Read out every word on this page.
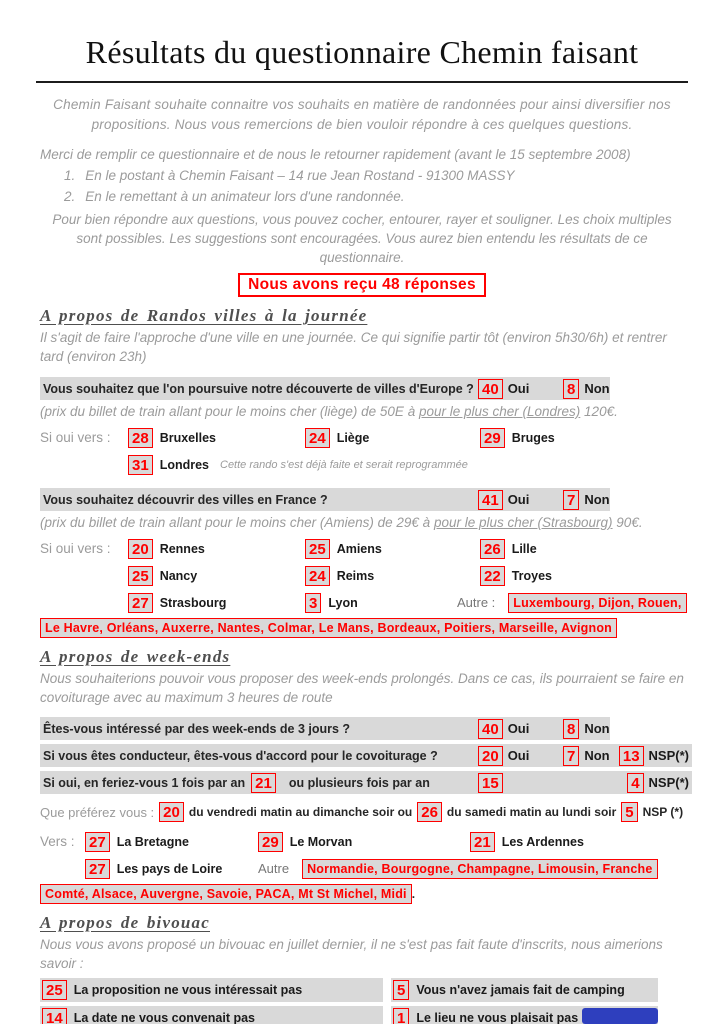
Résultats du questionnaire Chemin faisant

Chemin Faisant souhaite connaitre vos souhaits en matière de randonnées pour ainsi diversifier nos propositions. Nous vous remercions de bien vouloir répondre à ces quelques questions.

Merci de remplir ce questionnaire et de nous le retourner rapidement (avant le 15 septembre 2008)

1. En le postant à Chemin Faisant – 14 rue Jean Rostand - 91300 MASSY
2. En le remettant à un animateur lors d'une randonnée.

Pour bien répondre aux questions, vous pouvez cocher, entourer, rayer et souligner. Les choix multiples sont possibles. Les suggestions sont encouragées. Vous aurez bien entendu les résultats de ce questionnaire.

Nous avons reçu 48 réponses
A propos de Randos villes à la journée

Il s'agit de faire l'approche d'une ville en une journée. Ce qui signifie partir tôt (environ 5h30/6h) et rentrer tard (environ 23h)

Vous souhaitez que l'on poursuive notre découverte de villes d'Europe ? 40 Oui	8 Non

(prix du billet de train allant pour le moins cher (liège) de 50E à pour le plus cher (Londres) 120€.

Si oui vers :	28 Bruxelles	24 Liège	29 Bruges
31 Londres Cette rando s'est déjà faite et serait reprogrammée
Vous souhaitez découvrir des villes en France ?	41 Oui	7 Non

(prix du billet de train allant pour le moins cher (Amiens) de 29€ à pour le plus cher (Strasbourg) 90€.

Si oui vers :	20 Rennes	25 Amiens	26 Lille
25 Nancy	24 Reims	22 Troyes
27 Strasbourg	3 Lyon	Autre :	Luxembourg, Dijon, Rouen,
Le Havre, Orléans, Auxerre, Nantes, Colmar, Le Mans, Bordeaux, Poitiers, Marseille, Avignon
A propos de week-ends

Nous souhaiterions pouvoir vous proposer des week-ends prolongés. Dans ce cas, ils pourraient se faire en covoiturage avec au maximum 3 heures de route

Êtes-vous intéressé par des week-ends de 3 jours ?	40 Oui	8 Non
Si vous êtes conducteur, êtes-vous d'accord pour le covoiturage ?	20 Oui	7 Non 13 NSP(*)
Si oui, en feriez-vous 1 fois par an 21	ou plusieurs fois par an	15	4 NSP(*)
Que préférez vous : 20 du vendredi matin au dimanche soir ou 26 du samedi matin au lundi soir 5 NSP (*)
Vers : 27 La Bretagne	29 Le Morvan	21 Les Ardennes
27 Les pays de Loire	Autre	Normandie, Bourgogne, Champagne, Limousin, Franche
Comté, Alsace, Auvergne, Savoie, PACA, Mt St Michel, Midi .
A propos de bivouac

Nous vous avons proposé un bivouac en juillet dernier, il ne s'est pas fait faute d'inscrits, nous aimerions savoir :

25 La proposition ne vous intéressait pas	5 Vous n'avez jamais fait de camping
14 La date ne vous convenait pas	1 Le lieu ne vous plaisait pas
